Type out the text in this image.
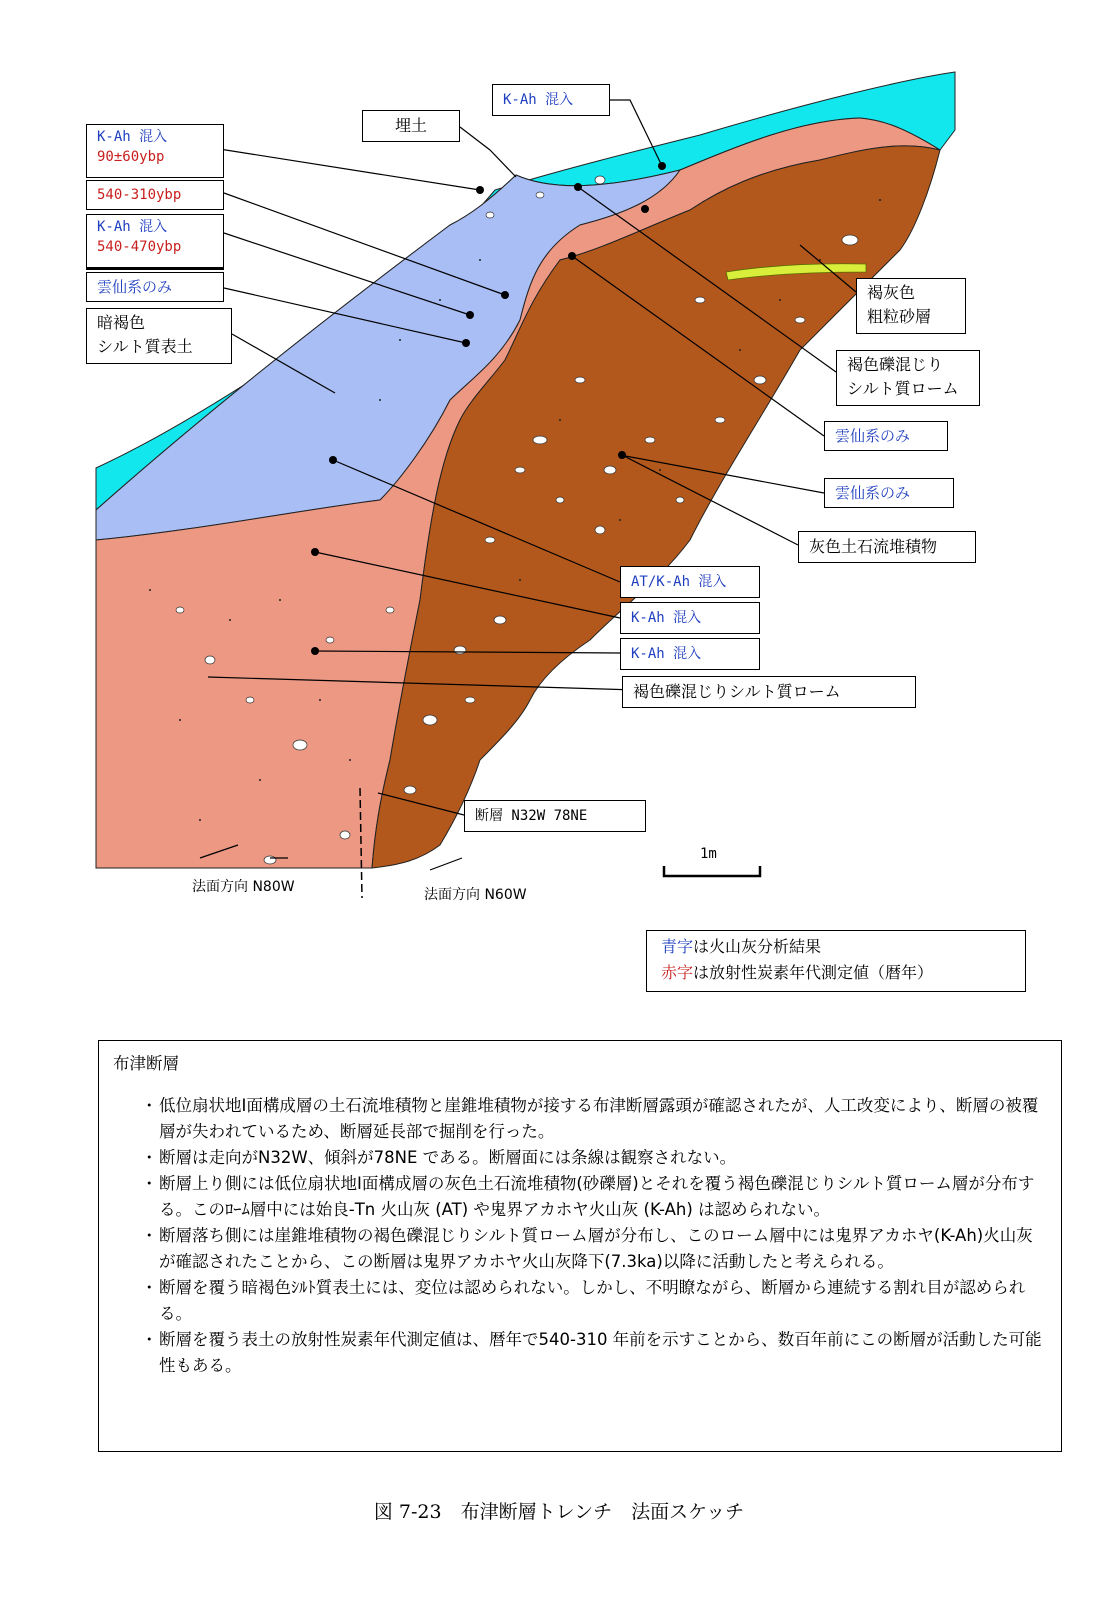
K-Ah 混入
埋土
K-Ah 混入
90±60ybp
540-310ybp
K-Ah 混入
540-470ybp
雲仙系のみ
暗褐色
シルト質表土
褐灰色
粗粒砂層
褐色礫混じり
シルト質ローム
雲仙系のみ
雲仙系のみ
灰色土石流堆積物
AT/K-Ah 混入
K-Ah 混入
K-Ah 混入
褐色礫混じりシルト質ローム
断層 N32W 78NE
1m
法面方向 N80W	法面方向 N60W
青字は火山灰分析結果
赤字は放射性炭素年代測定値（暦年）
布津断層
・ 低位扇状地Ⅰ面構成層の土石流堆積物と崖錐堆積物が接する布津断層露頭が確認されたが、人工改変により、断層の被覆層が失われているため、断層延長部で掘削を行った。
・ 断層は走向がN32W、傾斜が78NE である。断層面には条線は観察されない。
・ 断層上り側には低位扇状地Ⅰ面構成層の灰色土石流堆積物(砂礫層)とそれを覆う褐色礫混じりシルト質ローム層が分布する。このﾛｰﾑ層中には始良-Tn 火山灰 (AT) や鬼界アカホヤ火山灰 (K-Ah) は認められない。
・ 断層落ち側には崖錐堆積物の褐色礫混じりシルト質ローム層が分布し、このローム層中には鬼界アカホヤ(K-Ah)火山灰が確認されたことから、この断層は鬼界アカホヤ火山灰降下(7.3ka)以降に活動したと考えられる。
・ 断層を覆う暗褐色ｼﾙﾄ質表土には、変位は認められない。しかし、不明瞭ながら、断層から連続する割れ目が認められる。
・ 断層を覆う表土の放射性炭素年代測定値は、暦年で540-310 年前を示すことから、数百年前にこの断層が活動した可能性もある。
図 7-23　布津断層トレンチ　法面スケッチ
